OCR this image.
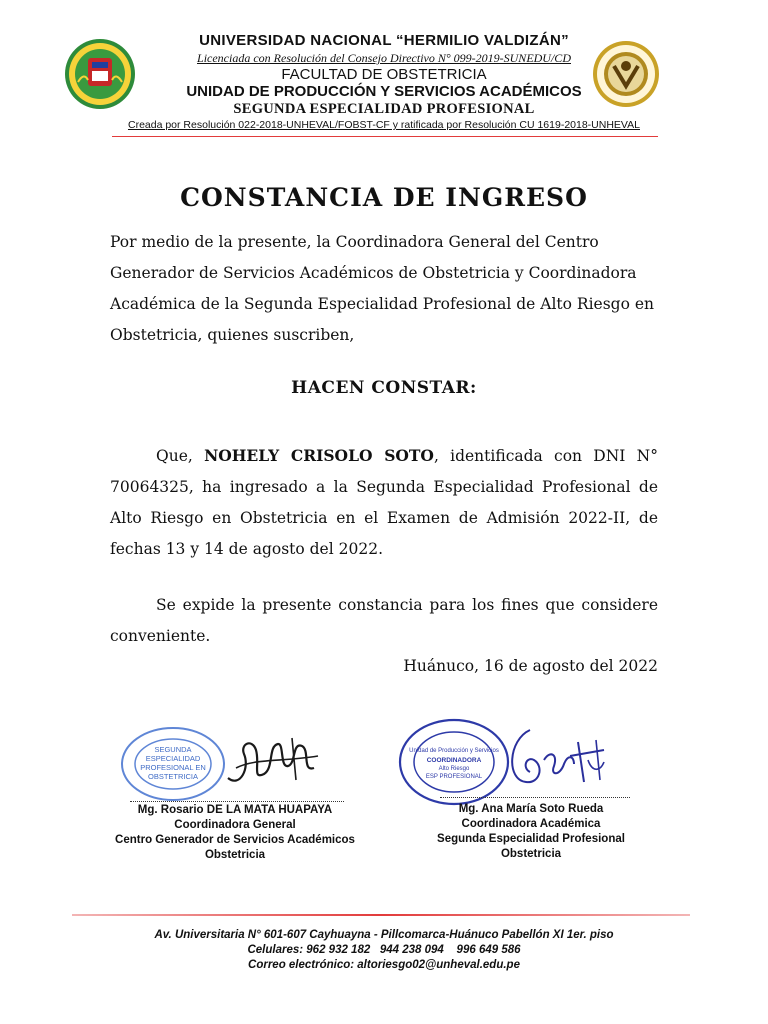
UNIVERSIDAD NACIONAL “HERMILIO VALDIZÁN”
Licenciada con Resolución del Consejo Directivo N° 099-2019-SUNEDU/CD
FACULTAD DE OBSTETRICIA
UNIDAD DE PRODUCCIÓN Y SERVICIOS ACADÉMICOS
SEGUNDA ESPECIALIDAD PROFESIONAL
Creada por Resolución 022-2018-UNHEVAL/FOBST-CF y ratificada por Resolución CU 1619-2018-UNHEVAL
CONSTANCIA DE INGRESO
Por medio de la presente, la Coordinadora General del Centro Generador de Servicios Académicos de Obstetricia y Coordinadora Académica de la Segunda Especialidad Profesional de Alto Riesgo en Obstetricia, quienes suscriben,
HACEN CONSTAR:
Que, NOHELY CRISOLO SOTO, identificada con DNI N° 70064325, ha ingresado a la Segunda Especialidad Profesional de Alto Riesgo en Obstetricia en el Examen de Admisión 2022-II, de fechas 13 y 14 de agosto del 2022.
Se expide la presente constancia para los fines que considere conveniente.
Huánuco, 16 de agosto del 2022
SEGUNDA
ESPECIALIDAD
PROFESIONAL EN
OBSTETRICIA
Mg. Rosario DE LA MATA HUAPAYA
Coordinadora General
Centro Generador de Servicios Académicos
Obstetricia
Unidad de Producción y Servicios
COORDINADORA
Alto Riesgo
ESP PROFESIONAL
Mg. Ana María Soto Rueda
Coordinadora Académica
Segunda Especialidad Profesional
Obstetricia
Av. Universitaria N° 601-607 Cayhuayna - Pillcomarca-Huánuco Pabellón XI 1er. piso
Celulares: 962 932 182   944 238 094    996 649 586
Correo electrónico: altoriesgo02@unheval.edu.pe
